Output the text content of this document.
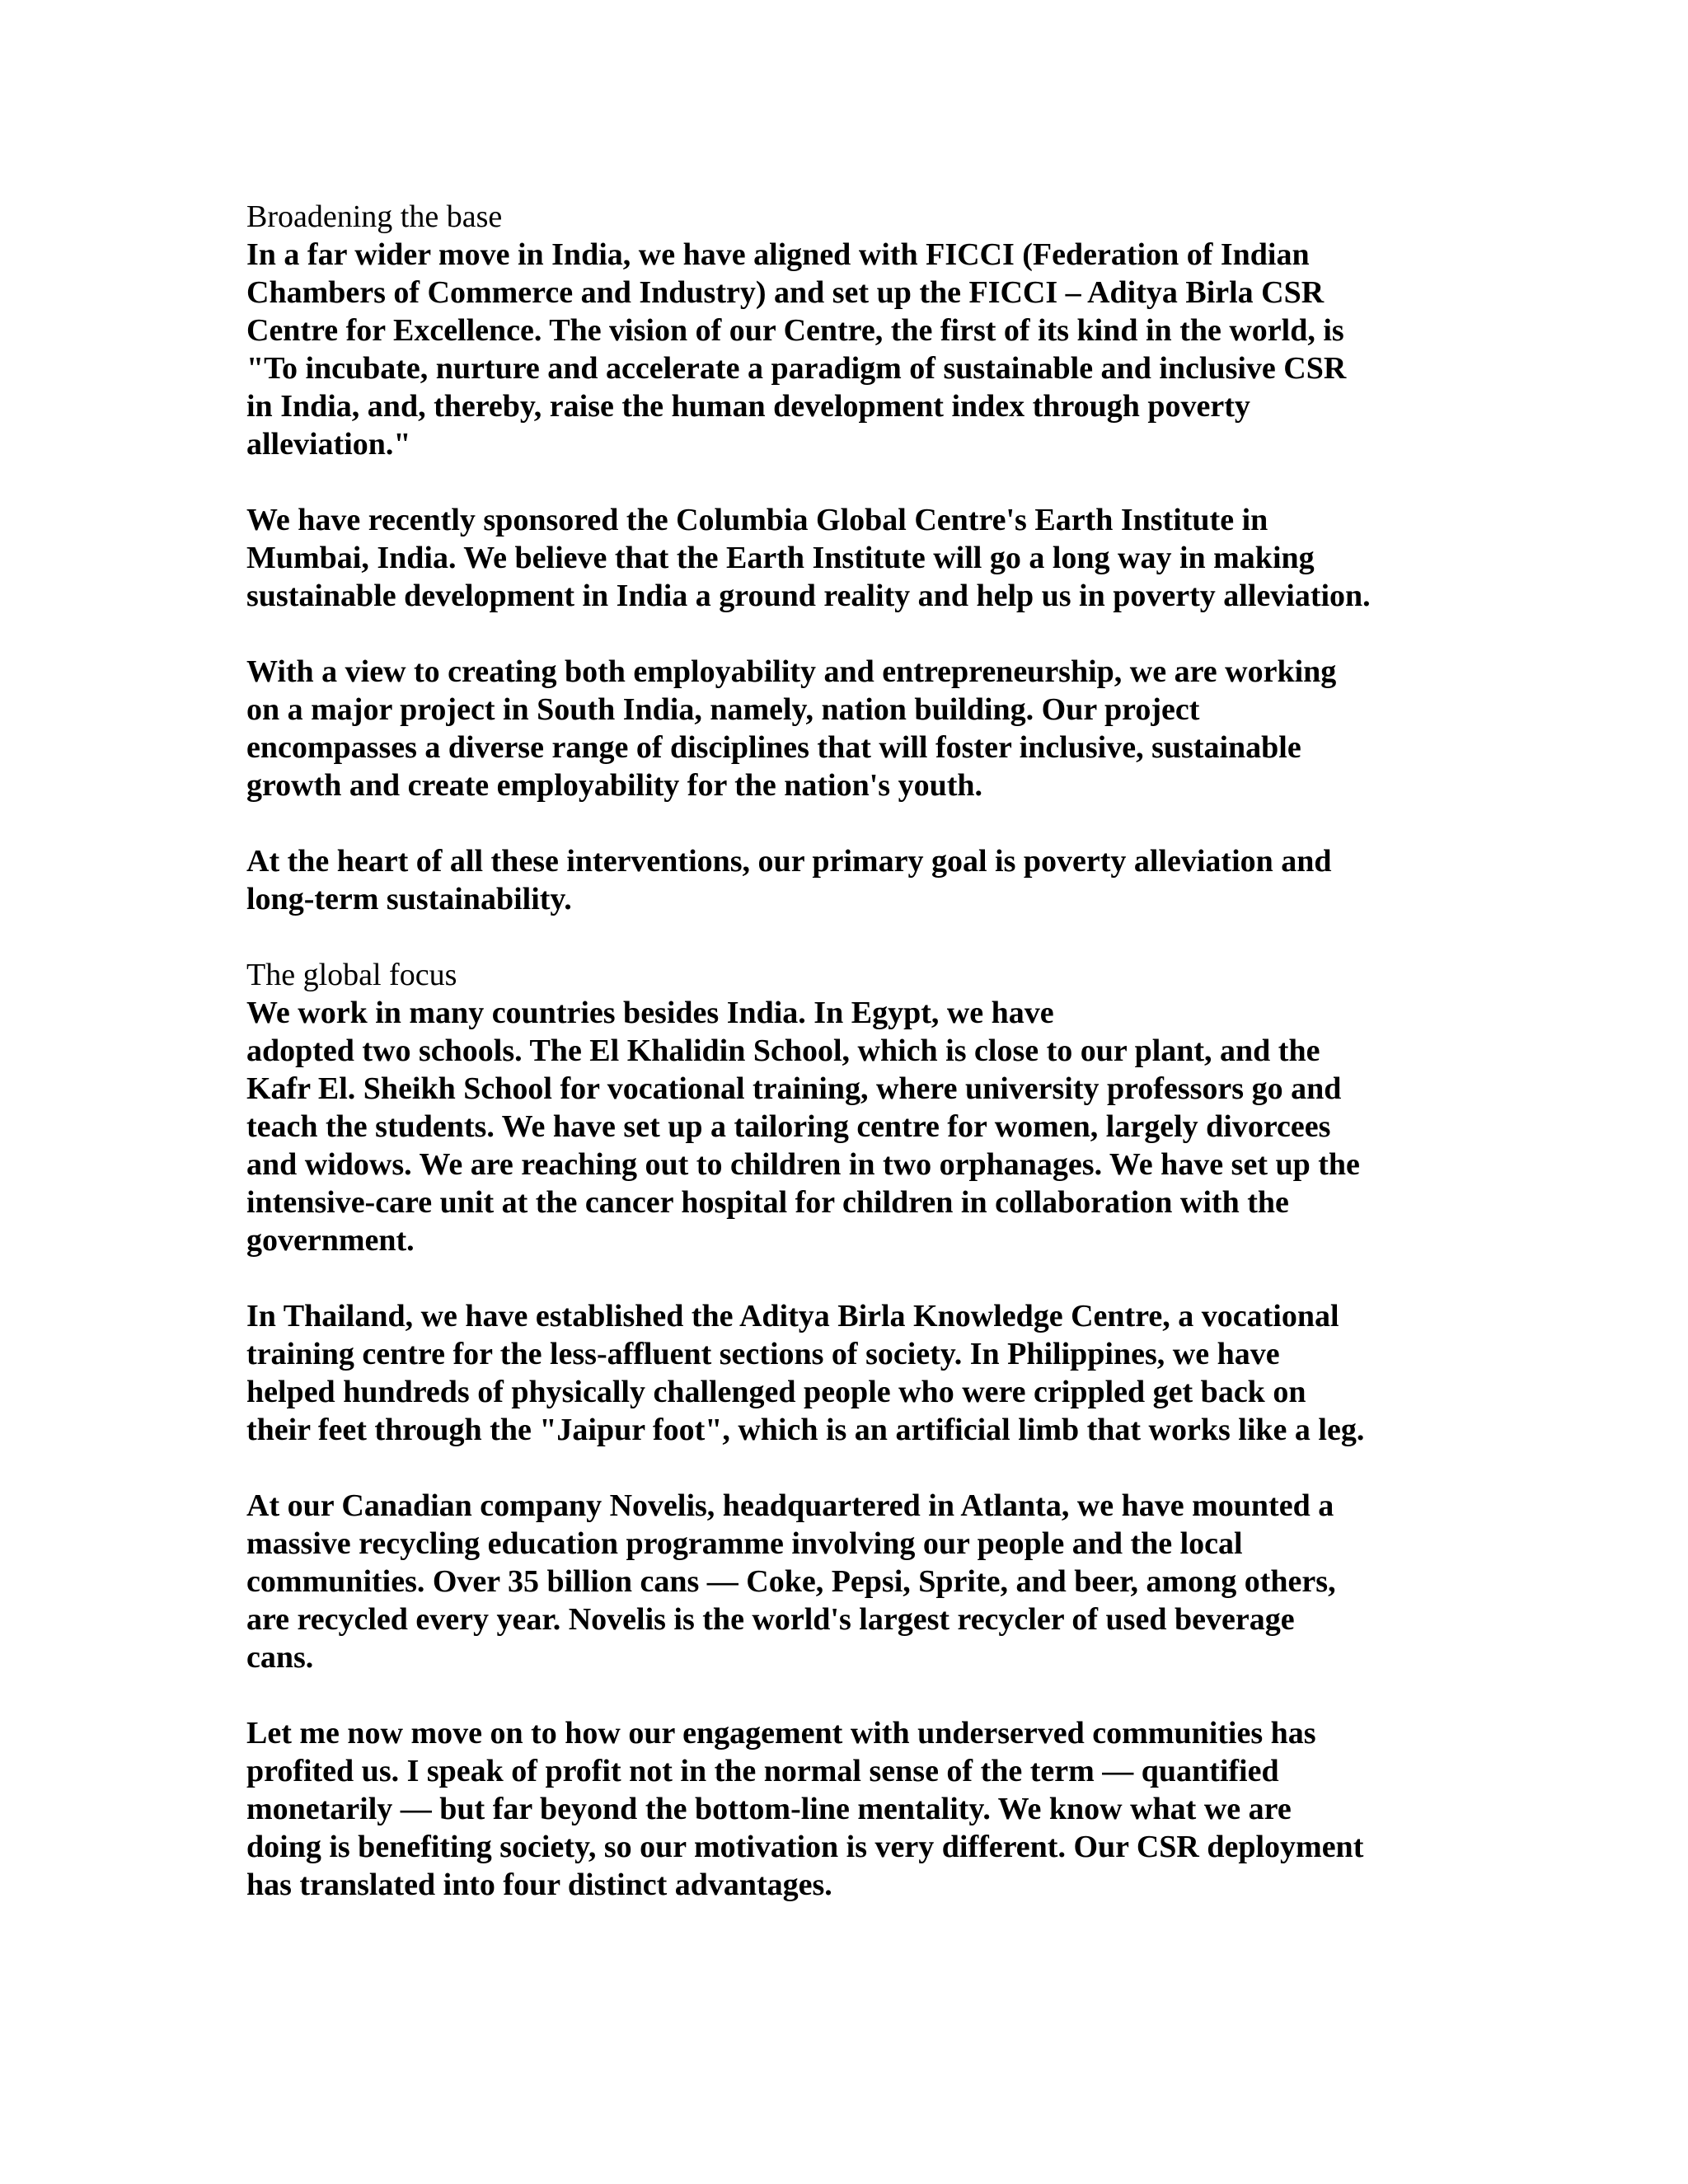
Broadening the base
In a far wider move in India, we have aligned with FICCI (Federation of Indian
Chambers of Commerce and Industry) and set up the FICCI – Aditya Birla CSR
Centre for Excellence. The vision of our Centre, the first of its kind in the world, is
"To incubate, nurture and accelerate a paradigm of sustainable and inclusive CSR
in India, and, thereby, raise the human development index through poverty
alleviation."
We have recently sponsored the Columbia Global Centre's Earth Institute in
Mumbai, India. We believe that the Earth Institute will go a long way in making
sustainable development in India a ground reality and help us in poverty alleviation.
With a view to creating both employability and entrepreneurship, we are working
on a major project in South India, namely, nation building. Our project
encompasses a diverse range of disciplines that will foster inclusive, sustainable
growth and create employability for the nation's youth.
At the heart of all these interventions, our primary goal is poverty alleviation and
long-term sustainability.
The global focus
We work in many countries besides India. In Egypt, we have
adopted two schools. The El Khalidin School, which is close to our plant, and the
Kafr El. Sheikh School for vocational training, where university professors go and
teach the students. We have set up a tailoring centre for women, largely divorcees
and widows. We are reaching out to children in two orphanages. We have set up the
intensive-care unit at the cancer hospital for children in collaboration with the
government.
In Thailand, we have established the Aditya Birla Knowledge Centre, a vocational
training centre for the less-affluent sections of society. In Philippines, we have
helped hundreds of physically challenged people who were crippled get back on
their feet through the "Jaipur foot", which is an artificial limb that works like a leg.
At our Canadian company Novelis, headquartered in Atlanta, we have mounted a
massive recycling education programme involving our people and the local
communities. Over 35 billion cans — Coke, Pepsi, Sprite, and beer, among others,
are recycled every year. Novelis is the world's largest recycler of used beverage
cans.
Let me now move on to how our engagement with underserved communities has
profited us. I speak of profit not in the normal sense of the term — quantified
monetarily — but far beyond the bottom-line mentality. We know what we are
doing is benefiting society, so our motivation is very different. Our CSR deployment
has translated into four distinct advantages.
